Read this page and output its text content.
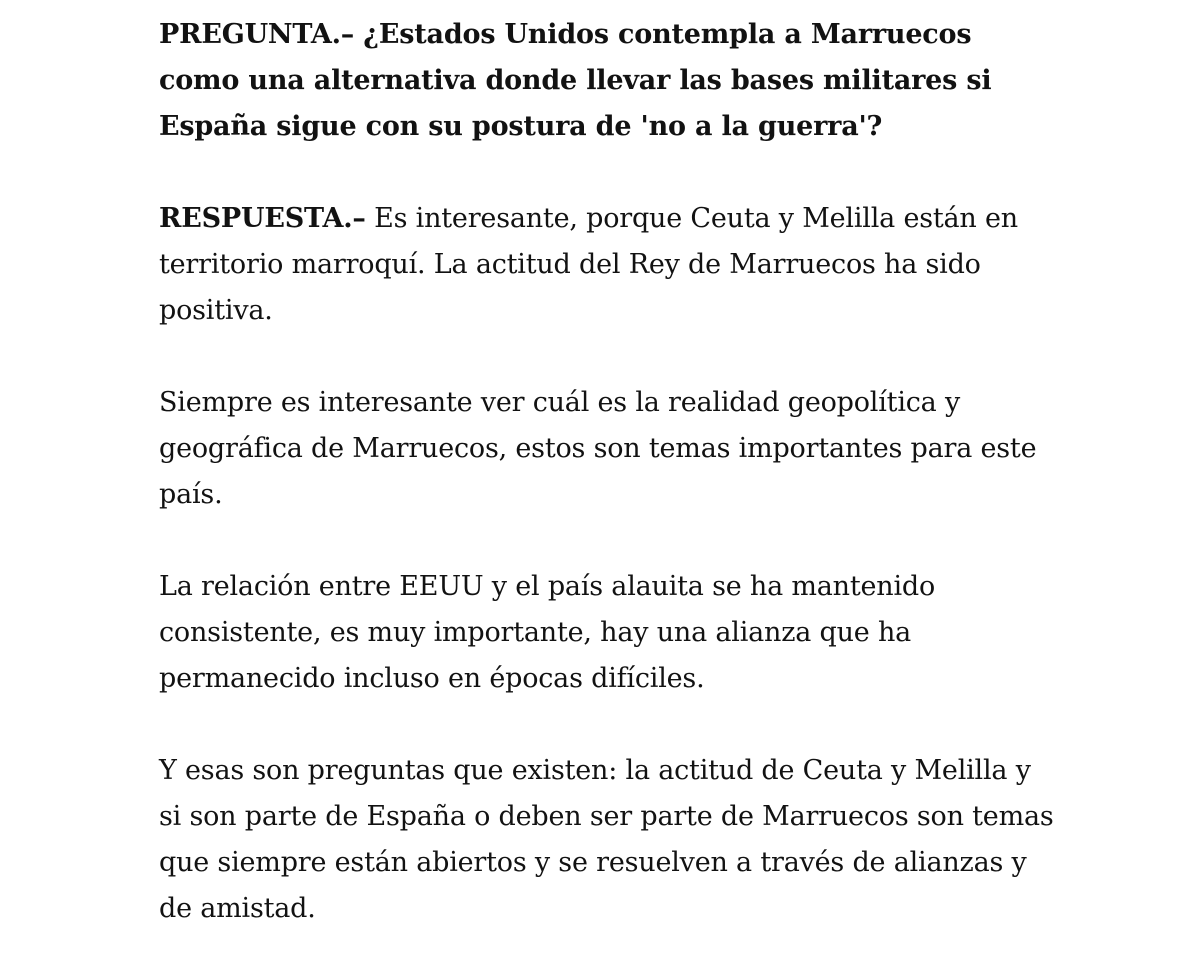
PREGUNTA.– ¿Estados Unidos contempla a Marruecos como una alternativa donde llevar las bases militares si España sigue con su postura de 'no a la guerra'?

RESPUESTA.– Es interesante, porque Ceuta y Melilla están en territorio marroquí. La actitud del Rey de Marruecos ha sido positiva.

Siempre es interesante ver cuál es la realidad geopolítica y geográfica de Marruecos, estos son temas importantes para este país.

La relación entre EEUU y el país alauita se ha mantenido consistente, es muy importante, hay una alianza que ha permanecido incluso en épocas difíciles.

Y esas son preguntas que existen: la actitud de Ceuta y Melilla y si son parte de España o deben ser parte de Marruecos son temas que siempre están abiertos y se resuelven a través de alianzas y de amistad.
